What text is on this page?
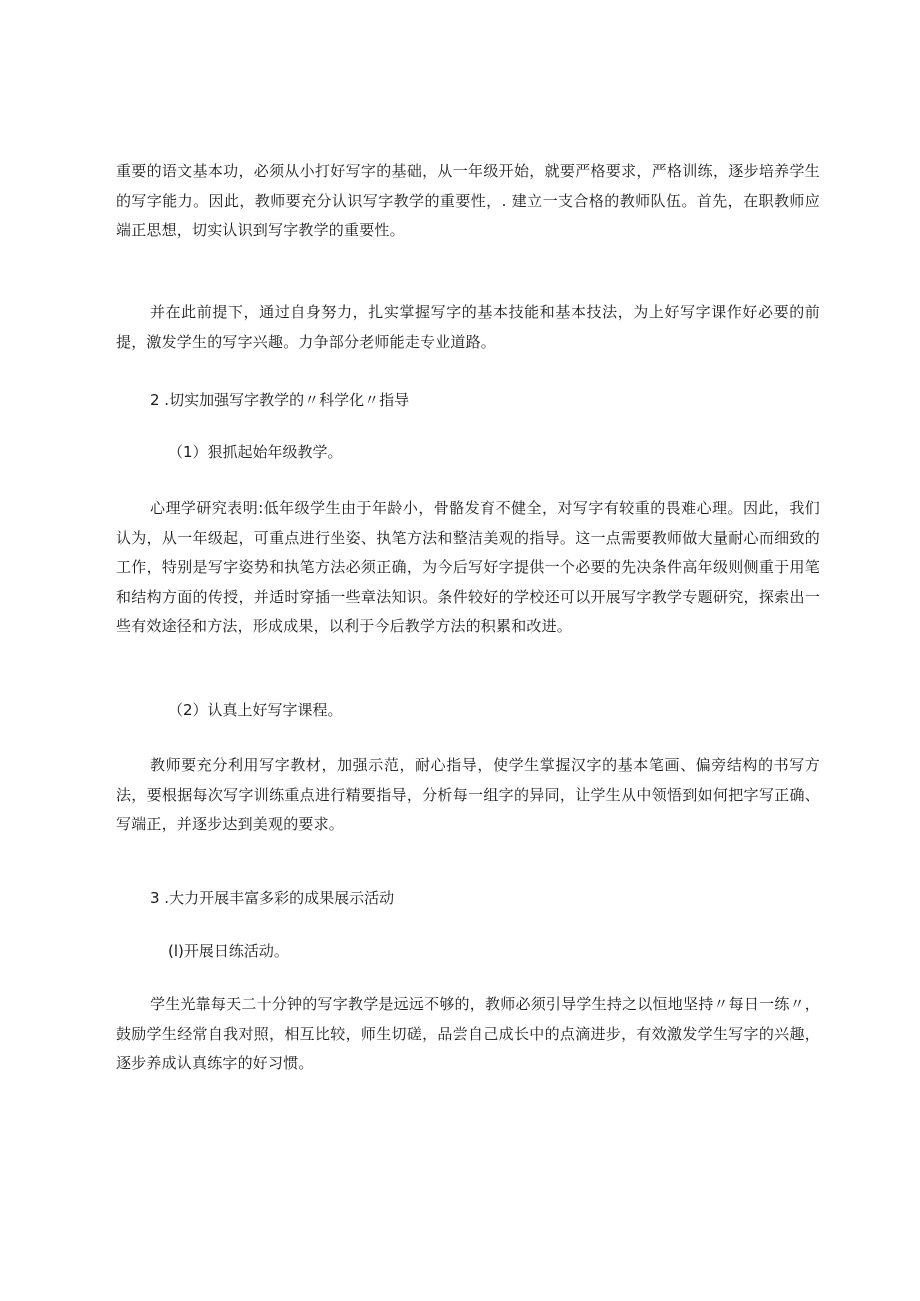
重要的语文基本功，必须从小打好写字的基础，从一年级开始，就要严格要求，严格训练，逐步培养学生的写字能力。因此，教师要充分认识写字教学的重要性，. 建立一支合格的教师队伍。首先，在职教师应端正思想，切实认识到写字教学的重要性。

并在此前提下，通过自身努力，扎实掌握写字的基本技能和基本技法，为上好写字课作好必要的前提，激发学生的写字兴趣。力争部分老师能走专业道路。

2 .切实加强写字教学的〃科学化〃指导

（1）狠抓起始年级教学。

心理学研究表明:低年级学生由于年龄小，骨骼发育不健全，对写字有较重的畏难心理。因此，我们认为，从一年级起，可重点进行坐姿、执笔方法和整洁美观的指导。这一点需要教师做大量耐心而细致的工作，特别是写字姿势和执笔方法必须正确，为今后写好字提供一个必要的先决条件高年级则侧重于用笔和结构方面的传授，并适时穿插一些章法知识。条件较好的学校还可以开展写字教学专题研究，探索出一些有效途径和方法，形成成果，以利于今后教学方法的积累和改进。

（2）认真上好写字课程。

教师要充分利用写字教材，加强示范，耐心指导，使学生掌握汉字的基本笔画、偏旁结构的书写方法，要根据每次写字训练重点进行精要指导，分析每一组字的异同，让学生从中领悟到如何把字写正确、写端正，并逐步达到美观的要求。

3 .大力开展丰富多彩的成果展示活动

(l)开展日练活动。

学生光靠每天二十分钟的写字教学是远远不够的，教师必须引导学生持之以恒地坚持〃每日一练〃，鼓励学生经常自我对照，相互比较，师生切磋，品尝自己成长中的点滴进步，有效激发学生写字的兴趣，逐步养成认真练字的好习惯。
